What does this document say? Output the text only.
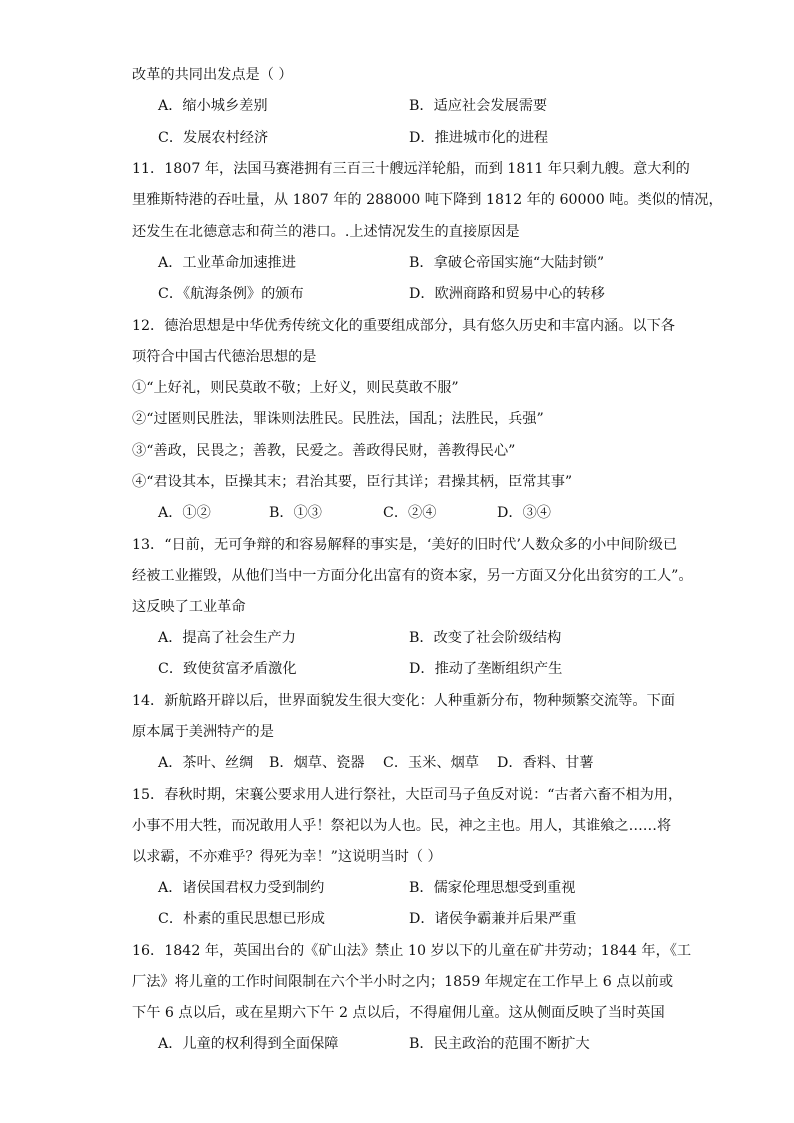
改革的共同出发点是（ ）
A．缩小城乡差别	B．适应社会发展需要
C．发展农村经济	D．推进城市化的进程
11．1807 年，法国马赛港拥有三百三十艘远洋轮船，而到 1811 年只剩九艘。意大利的
里雅斯特港的吞吐量，从 1807 年的 288000 吨下降到 1812 年的 60000 吨。类似的情况，
还发生在北德意志和荷兰的港口。.上述情况发生的直接原因是
A．工业革命加速推进	B．拿破仑帝国实施“大陆封锁”
C．《航海条例》的颁布	D．欧洲商路和贸易中心的转移
12．德治思想是中华优秀传统文化的重要组成部分，具有悠久历史和丰富内涵。以下各
项符合中国古代德治思想的是
①“上好礼，则民莫敢不敬；上好义，则民莫敢不服”
②“过匿则民胜法，罪诛则法胜民。民胜法，国乱；法胜民，兵强”
③“善政，民畏之；善教，民爱之。善政得民财，善教得民心”
④“君设其本，臣操其末；君治其要，臣行其详；君操其柄，臣常其事”
A．①②	B．①③	C．②④	D．③④
13．“日前，无可争辩的和容易解释的事实是，‘美好的旧时代’人数众多的小中间阶级已
经被工业摧毁，从他们当中一方面分化出富有的资本家，另一方面又分化出贫穷的工人”。
这反映了工业革命
A．提高了社会生产力	B．改变了社会阶级结构
C．致使贫富矛盾激化	D．推动了垄断组织产生
14．新航路开辟以后，世界面貌发生很大变化：人种重新分布，物种频繁交流等。下面
原本属于美洲特产的是
A．茶叶、丝绸 B．烟草、瓷器 C．玉米、烟草 D．香料、甘薯
15．春秋时期，宋襄公要求用人进行祭社，大臣司马子鱼反对说：“古者六畜不相为用，
小事不用大牲，而况敢用人乎！祭祀以为人也。民，神之主也。用人，其谁飨之……将
以求霸，不亦难乎？得死为幸！”这说明当时（ ）
A．诸侯国君权力受到制约	B．儒家伦理思想受到重视
C．朴素的重民思想已形成	D．诸侯争霸兼并后果严重
16．1842 年，英国出台的《矿山法》禁止 10 岁以下的儿童在矿井劳动；1844 年，《工
厂法》将儿童的工作时间限制在六个半小时之内；1859 年规定在工作早上 6 点以前或
下午 6 点以后，或在星期六下午 2 点以后，不得雇佣儿童。这从侧面反映了当时英国
A．儿童的权利得到全面保障	B．民主政治的范围不断扩大
